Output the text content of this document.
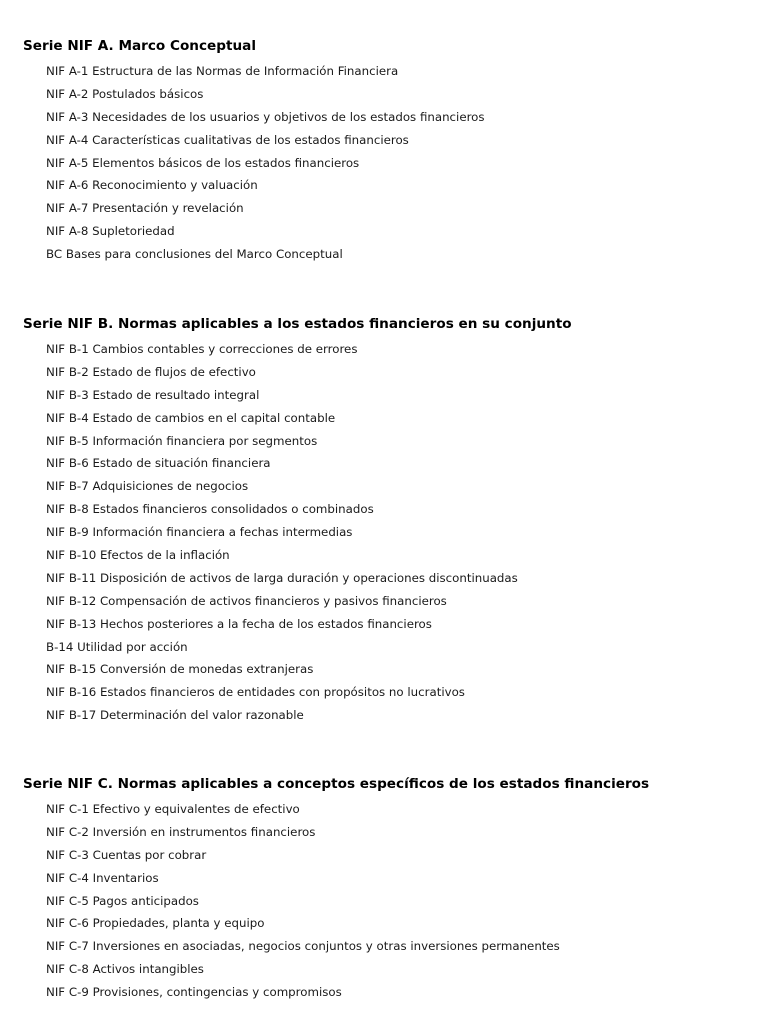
Serie NIF A. Marco Conceptual
NIF A-1 Estructura de las Normas de Información Financiera
NIF A-2 Postulados básicos
NIF A-3 Necesidades de los usuarios y objetivos de los estados financieros
NIF A-4 Características cualitativas de los estados financieros
NIF A-5 Elementos básicos de los estados financieros
NIF A-6 Reconocimiento y valuación
NIF A-7 Presentación y revelación
NIF A-8 Supletoriedad
BC Bases para conclusiones del Marco Conceptual
Serie NIF B. Normas aplicables a los estados financieros en su conjunto
NIF B-1 Cambios contables y correcciones de errores
NIF B-2 Estado de flujos de efectivo
NIF B-3 Estado de resultado integral
NIF B-4 Estado de cambios en el capital contable
NIF B-5 Información financiera por segmentos
NIF B-6 Estado de situación financiera
NIF B-7 Adquisiciones de negocios
NIF B-8 Estados financieros consolidados o combinados
NIF B-9 Información financiera a fechas intermedias
NIF B-10 Efectos de la inflación
NIF B-11 Disposición de activos de larga duración y operaciones discontinuadas
NIF B-12 Compensación de activos financieros y pasivos financieros
NIF B-13 Hechos posteriores a la fecha de los estados financieros
B-14 Utilidad por acción
NIF B-15 Conversión de monedas extranjeras
NIF B-16 Estados financieros de entidades con propósitos no lucrativos
NIF B-17 Determinación del valor razonable
Serie NIF C. Normas aplicables a conceptos específicos de los estados financieros
NIF C-1 Efectivo y equivalentes de efectivo
NIF C-2 Inversión en instrumentos financieros
NIF C-3 Cuentas por cobrar
NIF C-4 Inventarios
NIF C-5 Pagos anticipados
NIF C-6 Propiedades, planta y equipo
NIF C-7 Inversiones en asociadas, negocios conjuntos y otras inversiones permanentes
NIF C-8 Activos intangibles
NIF C-9 Provisiones, contingencias y compromisos
